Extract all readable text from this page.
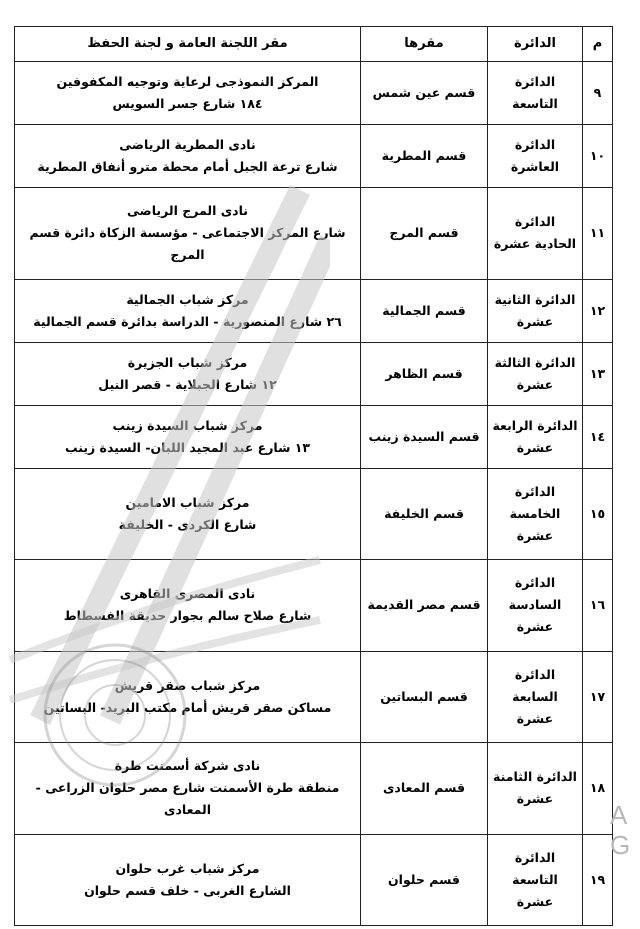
م	الدائرة	مقرها	مقر اللجنة العامة و لجنة الحفظ
٩	الدائرة التاسعة	قسم عين شمس	المركز النموذجى لرعاية وتوجيه المكفوفين
١٨٤ شارع جسر السويس

١٠	الدائرة العاشرة	قسم المطرية	نادى المطرية الرياضى
شارع ترعة الجبل أمام محطة مترو أنفاق المطرية

١١	الدائرة الحادية عشرة	قسم المرج	نادى المرج الرياضى
شارع المركز الاجتماعى - مؤسسة الزكاة دائرة قسم المرج

١٢	الدائرة الثانية عشرة	قسم الجمالية	مركز شباب الجمالية
٢٦ شارع المنصورية - الدراسة بدائرة قسم الجمالية

١٣	الدائرة الثالثة عشرة	قسم الظاهر	مركز شباب الجزيرة
١٢ شارع الجبلاية - قصر النيل

١٤	الدائرة الرابعة عشرة	قسم السيدة زينب	مركز شباب السيدة زينب
١٣ شارع عبد المجيد اللبان- السيدة زينب

١٥	الدائرة الخامسة عشرة	قسم الخليفة	مركز شباب الامامين
شارع الكردى - الخليفة

١٦	الدائرة السادسة عشرة	قسم مصر القديمة	نادى المصرى القاهرى
شارع صلاح سالم بجوار حديقة الفسطاط

١٧	الدائرة السابعة عشرة	قسم البساتين	مركز شباب صقر قريش
مساكن صقر قريش أمام مكتب البريد- البساتين

١٨	الدائرة الثامنة عشرة	قسم المعادى	نادى شركة أسمنت طرة
منطقة طرة الأسمنت شارع مصر حلوان الزراعى - المعادى

١٩	الدائرة التاسعة عشرة	قسم حلوان	مركز شباب غرب حلوان
الشارع الغربى - خلف قسم حلوان
A
G
